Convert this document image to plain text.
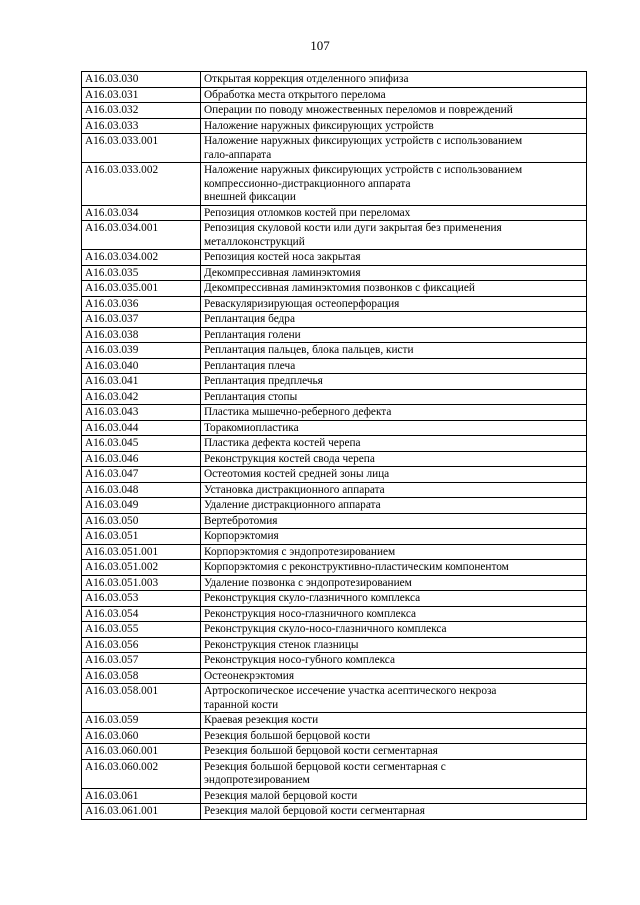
107
A16.03.030	Открытая коррекция отделенного эпифиза
A16.03.031	Обработка места открытого перелома
A16.03.032	Операции по поводу множественных переломов и повреждений
A16.03.033	Наложение наружных фиксирующих устройств
A16.03.033.001	Наложение наружных фиксирующих устройств с использованием
гало-аппарата
A16.03.033.002	Наложение наружных фиксирующих устройств с использованием
компрессионно-дистракционного аппарата
внешней фиксации
A16.03.034	Репозиция отломков костей при переломах
A16.03.034.001	Репозиция скуловой кости или дуги закрытая без применения
металлоконструкций
A16.03.034.002	Репозиция костей носа закрытая
A16.03.035	Декомпрессивная ламинэктомия
A16.03.035.001	Декомпрессивная ламинэктомия позвонков с фиксацией
A16.03.036	Реваскуляризирующая остеоперфорация
A16.03.037	Реплантация бедра
A16.03.038	Реплантация голени
A16.03.039	Реплантация пальцев, блока пальцев, кисти
A16.03.040	Реплантация плеча
A16.03.041	Реплантация предплечья
A16.03.042	Реплантация стопы
A16.03.043	Пластика мышечно-реберного дефекта
A16.03.044	Торакомиопластика
A16.03.045	Пластика дефекта костей черепа
A16.03.046	Реконструкция костей свода черепа
A16.03.047	Остеотомия костей средней зоны лица
A16.03.048	Установка дистракционного аппарата
A16.03.049	Удаление дистракционного аппарата
A16.03.050	Вертебротомия
A16.03.051	Корпорэктомия
A16.03.051.001	Корпорэктомия с эндопротезированием
A16.03.051.002	Корпорэктомия с реконструктивно-пластическим компонентом
A16.03.051.003	Удаление позвонка с эндопротезированием
A16.03.053	Реконструкция скуло-глазничного комплекса
A16.03.054	Реконструкция носо-глазничного комплекса
A16.03.055	Реконструкция скуло-носо-глазничного комплекса
A16.03.056	Реконструкция стенок глазницы
A16.03.057	Реконструкция носо-губного комплекса
A16.03.058	Остеонекрэктомия
A16.03.058.001	Артроскопическое иссечение участка асептического некроза
таранной кости
A16.03.059	Краевая резекция кости
A16.03.060	Резекция большой берцовой кости
A16.03.060.001	Резекция большой берцовой кости сегментарная
A16.03.060.002	Резекция большой берцовой кости сегментарная с
эндопротезированием
A16.03.061	Резекция малой берцовой кости
A16.03.061.001	Резекция малой берцовой кости сегментарная
